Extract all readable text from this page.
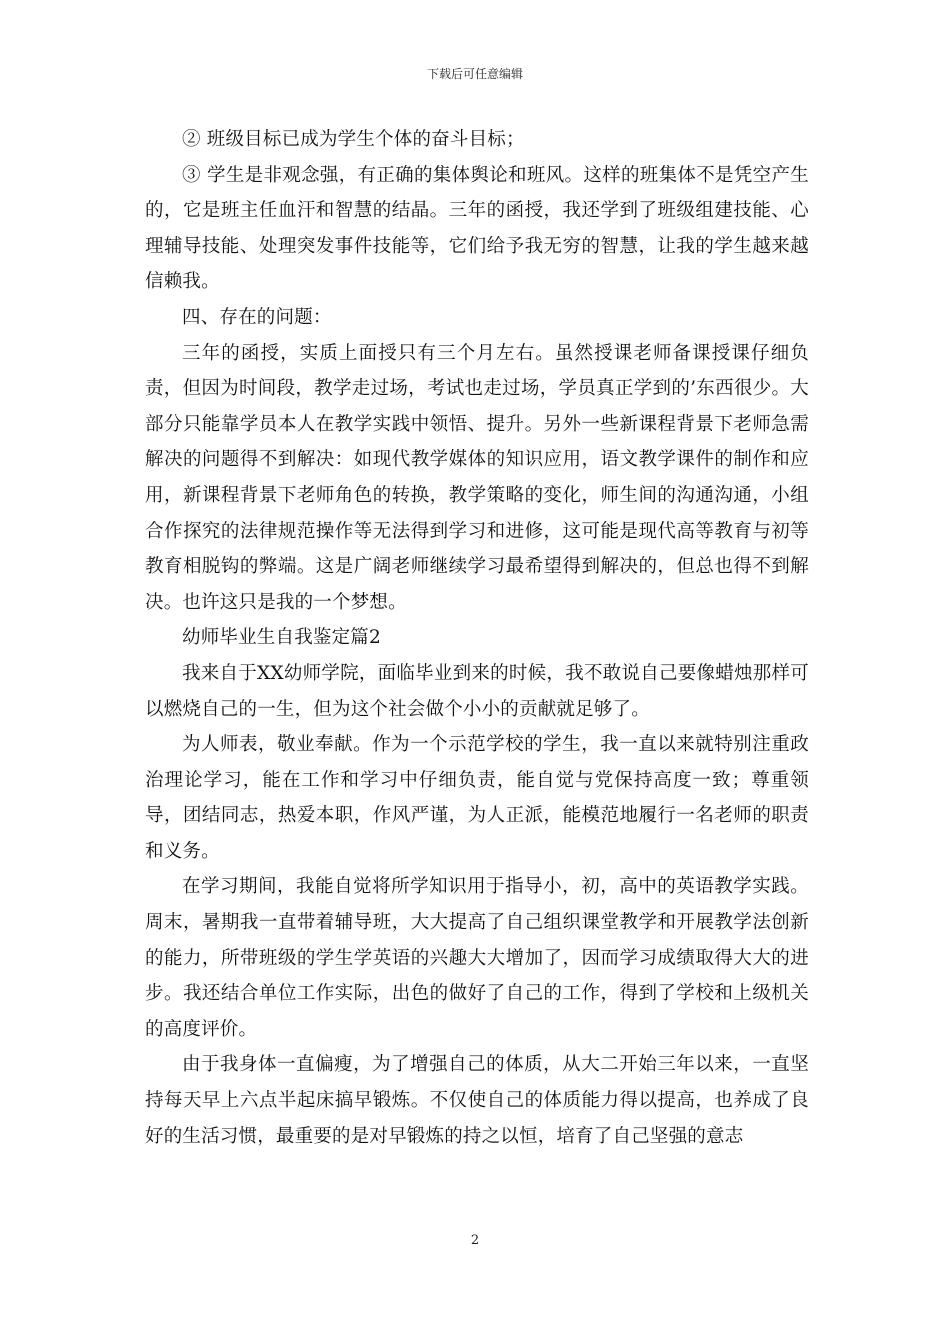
下载后可任意编辑

② 班级目标已成为学生个体的奋斗目标；

③ 学生是非观念强，有正确的集体舆论和班风。这样的班集体不是凭空产生的，它是班主任血汗和智慧的结晶。三年的函授，我还学到了班级组建技能、心理辅导技能、处理突发事件技能等，它们给予我无穷的智慧，让我的学生越来越信赖我。

四、存在的问题：

三年的函授，实质上面授只有三个月左右。虽然授课老师备课授课仔细负责，但因为时间段，教学走过场，考试也走过场，学员真正学到的’东西很少。大部分只能靠学员本人在教学实践中领悟、提升。另外一些新课程背景下老师急需解决的问题得不到解决：如现代教学媒体的知识应用，语文教学课件的制作和应用，新课程背景下老师角色的转换，教学策略的变化，师生间的沟通沟通，小组合作探究的法律规范操作等无法得到学习和进修，这可能是现代高等教育与初等教育相脱钩的弊端。这是广阔老师继续学习最希望得到解决的，但总也得不到解决。也许这只是我的一个梦想。

幼师毕业生自我鉴定篇2

我来自于XX幼师学院，面临毕业到来的时候，我不敢说自己要像蜡烛那样可以燃烧自己的一生，但为这个社会做个小小的贡献就足够了。

为人师表，敬业奉献。作为一个示范学校的学生，我一直以来就特别注重政治理论学习，能在工作和学习中仔细负责，能自觉与党保持高度一致；尊重领导，团结同志，热爱本职，作风严谨，为人正派，能模范地履行一名老师的职责和义务。

在学习期间，我能自觉将所学知识用于指导小，初，高中的英语教学实践。周末，暑期我一直带着辅导班，大大提高了自己组织课堂教学和开展教学法创新的能力，所带班级的学生学英语的兴趣大大增加了，因而学习成绩取得大大的进步。我还结合单位工作实际，出色的做好了自己的工作，得到了学校和上级机关的高度评价。

由于我身体一直偏瘦，为了增强自己的体质，从大二开始三年以来，一直坚持每天早上六点半起床搞早锻炼。不仅使自己的体质能力得以提高，也养成了良好的生活习惯，最重要的是对早锻炼的持之以恒，培育了自己坚强的意志

2
